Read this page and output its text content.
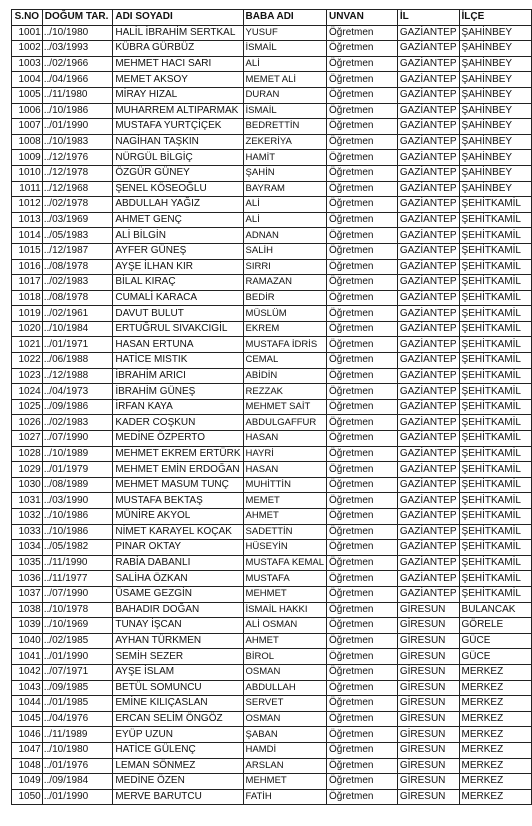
S.NO	DOĞUM TAR.	ADI SOYADI	BABA ADI	UNVAN	İL	İLÇE
1001	../10/1980	HALİL İBRAHİM SERTKAL	YUSUF	Öğretmen	GAZİANTEP	ŞAHİNBEY
1002	../03/1993	KÜBRA GÜRBÜZ	İSMAİL	Öğretmen	GAZİANTEP	ŞAHİNBEY
1003	../02/1966	MEHMET HACI SARI	ALİ	Öğretmen	GAZİANTEP	ŞAHİNBEY
1004	../04/1966	MEMET AKSOY	MEMET ALİ	Öğretmen	GAZİANTEP	ŞAHİNBEY
1005	../11/1980	MİRAY HIZAL	DURAN	Öğretmen	GAZİANTEP	ŞAHİNBEY
1006	../10/1986	MUHARREM ALTIPARMAK	İSMAİL	Öğretmen	GAZİANTEP	ŞAHİNBEY
1007	../01/1990	MUSTAFA YURTÇİÇEK	BEDRETTİN	Öğretmen	GAZİANTEP	ŞAHİNBEY
1008	../10/1983	NAGİHAN TAŞKIN	ZEKERİYA	Öğretmen	GAZİANTEP	ŞAHİNBEY
1009	../12/1976	NÜRGÜL BİLGİÇ	HAMİT	Öğretmen	GAZİANTEP	ŞAHİNBEY
1010	../12/1978	ÖZGÜR GÜNEY	ŞAHİN	Öğretmen	GAZİANTEP	ŞAHİNBEY
1011	../12/1968	ŞENEL KÖSEOĞLU	BAYRAM	Öğretmen	GAZİANTEP	ŞAHİNBEY
1012	../02/1978	ABDULLAH YAĞIZ	ALİ	Öğretmen	GAZİANTEP	ŞEHİTKAMİL
1013	../03/1969	AHMET GENÇ	ALİ	Öğretmen	GAZİANTEP	ŞEHİTKAMİL
1014	../05/1983	ALİ BİLGİN	ADNAN	Öğretmen	GAZİANTEP	ŞEHİTKAMİL
1015	../12/1987	AYFER GÜNEŞ	SALİH	Öğretmen	GAZİANTEP	ŞEHİTKAMİL
1016	../08/1978	AYŞE İLHAN KIR	SIRRI	Öğretmen	GAZİANTEP	ŞEHİTKAMİL
1017	../02/1983	BİLAL KIRAÇ	RAMAZAN	Öğretmen	GAZİANTEP	ŞEHİTKAMİL
1018	../08/1978	CUMALİ KARACA	BEDİR	Öğretmen	GAZİANTEP	ŞEHİTKAMİL
1019	../02/1961	DAVUT BULUT	MÜSLÜM	Öğretmen	GAZİANTEP	ŞEHİTKAMİL
1020	../10/1984	ERTUĞRUL SIVAKCIGİL	EKREM	Öğretmen	GAZİANTEP	ŞEHİTKAMİL
1021	../01/1971	HASAN ERTUNA	MUSTAFA İDRİS	Öğretmen	GAZİANTEP	ŞEHİTKAMİL
1022	../06/1988	HATİCE MISTIK	CEMAL	Öğretmen	GAZİANTEP	ŞEHİTKAMİL
1023	../12/1988	İBRAHİM ARICI	ABİDİN	Öğretmen	GAZİANTEP	ŞEHİTKAMİL
1024	../04/1973	İBRAHİM GÜNEŞ	REZZAK	Öğretmen	GAZİANTEP	ŞEHİTKAMİL
1025	../09/1986	İRFAN KAYA	MEHMET SAİT	Öğretmen	GAZİANTEP	ŞEHİTKAMİL
1026	../02/1983	KADER COŞKUN	ABDULGAFFUR	Öğretmen	GAZİANTEP	ŞEHİTKAMİL
1027	../07/1990	MEDİNE ÖZPERTO	HASAN	Öğretmen	GAZİANTEP	ŞEHİTKAMİL
1028	../10/1989	MEHMET EKREM ERTÜRK	HAYRİ	Öğretmen	GAZİANTEP	ŞEHİTKAMİL
1029	../01/1979	MEHMET EMİN ERDOĞAN	HASAN	Öğretmen	GAZİANTEP	ŞEHİTKAMİL
1030	../08/1989	MEHMET MASUM TUNÇ	MUHİTTİN	Öğretmen	GAZİANTEP	ŞEHİTKAMİL
1031	../03/1990	MUSTAFA BEKTAŞ	MEMET	Öğretmen	GAZİANTEP	ŞEHİTKAMİL
1032	../10/1986	MÜNİRE AKYOL	AHMET	Öğretmen	GAZİANTEP	ŞEHİTKAMİL
1033	../10/1986	NİMET KARAYEL KOÇAK	SADETTİN	Öğretmen	GAZİANTEP	ŞEHİTKAMİL
1034	../05/1982	PINAR OKTAY	HÜSEYİN	Öğretmen	GAZİANTEP	ŞEHİTKAMİL
1035	../11/1990	RABİA DABANLI	MUSTAFA KEMAL	Öğretmen	GAZİANTEP	ŞEHİTKAMİL
1036	../11/1977	SALİHA ÖZKAN	MUSTAFA	Öğretmen	GAZİANTEP	ŞEHİTKAMİL
1037	../07/1990	ÜSAME GEZGİN	MEHMET	Öğretmen	GAZİANTEP	ŞEHİTKAMİL
1038	../10/1978	BAHADIR DOĞAN	İSMAİL HAKKI	Öğretmen	GİRESUN	BULANCAK
1039	../10/1969	TUNAY İŞCAN	ALİ OSMAN	Öğretmen	GİRESUN	GÖRELE
1040	../02/1985	AYHAN TÜRKMEN	AHMET	Öğretmen	GİRESUN	GÜCE
1041	../01/1990	SEMİH SEZER	BİROL	Öğretmen	GİRESUN	GÜCE
1042	../07/1971	AYŞE İSLAM	OSMAN	Öğretmen	GİRESUN	MERKEZ
1043	../09/1985	BETÜL SOMUNCU	ABDULLAH	Öğretmen	GİRESUN	MERKEZ
1044	../01/1985	EMİNE KILIÇASLAN	SERVET	Öğretmen	GİRESUN	MERKEZ
1045	../04/1976	ERCAN SELİM ÖNGÖZ	OSMAN	Öğretmen	GİRESUN	MERKEZ
1046	../11/1989	EYÜP UZUN	ŞABAN	Öğretmen	GİRESUN	MERKEZ
1047	../10/1980	HATİCE GÜLENÇ	HAMDİ	Öğretmen	GİRESUN	MERKEZ
1048	../01/1976	LEMAN SÖNMEZ	ARSLAN	Öğretmen	GİRESUN	MERKEZ
1049	../09/1984	MEDİNE ÖZEN	MEHMET	Öğretmen	GİRESUN	MERKEZ
1050	../01/1990	MERVE BARUTCU	FATİH	Öğretmen	GİRESUN	MERKEZ
